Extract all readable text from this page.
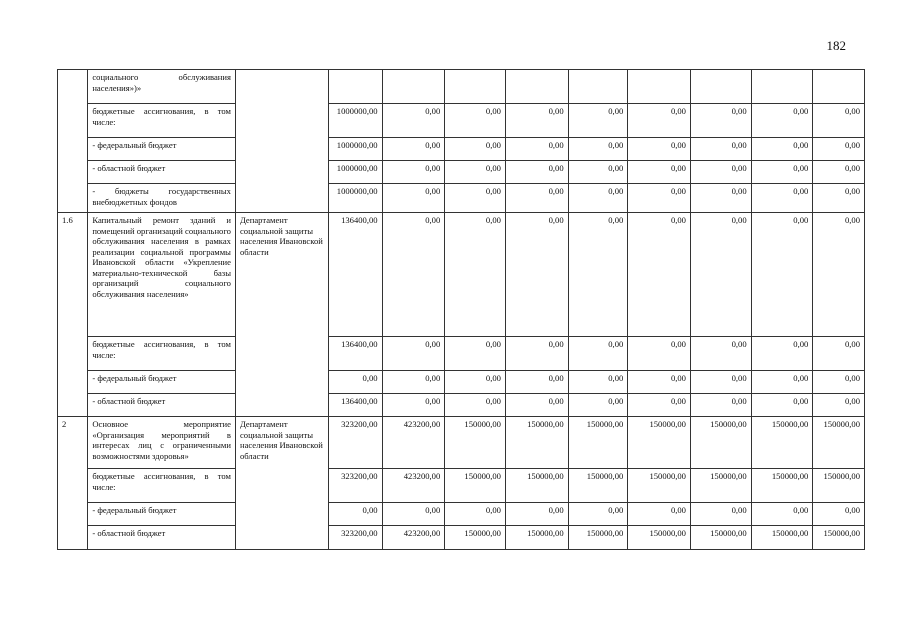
182
	социального обслуживания населения»)»										
	бюджетные ассигнования, в том числе:		1000000,00	0,00	0,00	0,00	0,00	0,00	0,00	0,00	0,00
	- федеральный бюджет		1000000,00	0,00	0,00	0,00	0,00	0,00	0,00	0,00	0,00
	- областной бюджет		1000000,00	0,00	0,00	0,00	0,00	0,00	0,00	0,00	0,00
	- бюджеты государственных внебюджетных фондов		1000000,00	0,00	0,00	0,00	0,00	0,00	0,00	0,00	0,00
1.6	Капитальный ремонт зданий и помещений организаций социального обслуживания населения в рамках реализации социальной программы Ивановской области «Укрепление материально-технической базы организаций социального обслуживания населения»	Департамент социальной защиты населения Ивановской области	136400,00	0,00	0,00	0,00	0,00	0,00	0,00	0,00	0,00
	бюджетные ассигнования, в том числе:		136400,00	0,00	0,00	0,00	0,00	0,00	0,00	0,00	0,00
	- федеральный бюджет		0,00	0,00	0,00	0,00	0,00	0,00	0,00	0,00	0,00
	- областной бюджет		136400,00	0,00	0,00	0,00	0,00	0,00	0,00	0,00	0,00
2	Основное мероприятие «Организация мероприятий в интересах лиц с ограниченными возможностями здоровья»	Департамент социальной защиты населения Ивановской области	323200,00	423200,00	150000,00	150000,00	150000,00	150000,00	150000,00	150000,00	150000,00
	бюджетные ассигнования, в том числе:		323200,00	423200,00	150000,00	150000,00	150000,00	150000,00	150000,00	150000,00	150000,00
	- федеральный бюджет		0,00	0,00	0,00	0,00	0,00	0,00	0,00	0,00	0,00
	- областной бюджет		323200,00	423200,00	150000,00	150000,00	150000,00	150000,00	150000,00	150000,00	150000,00
